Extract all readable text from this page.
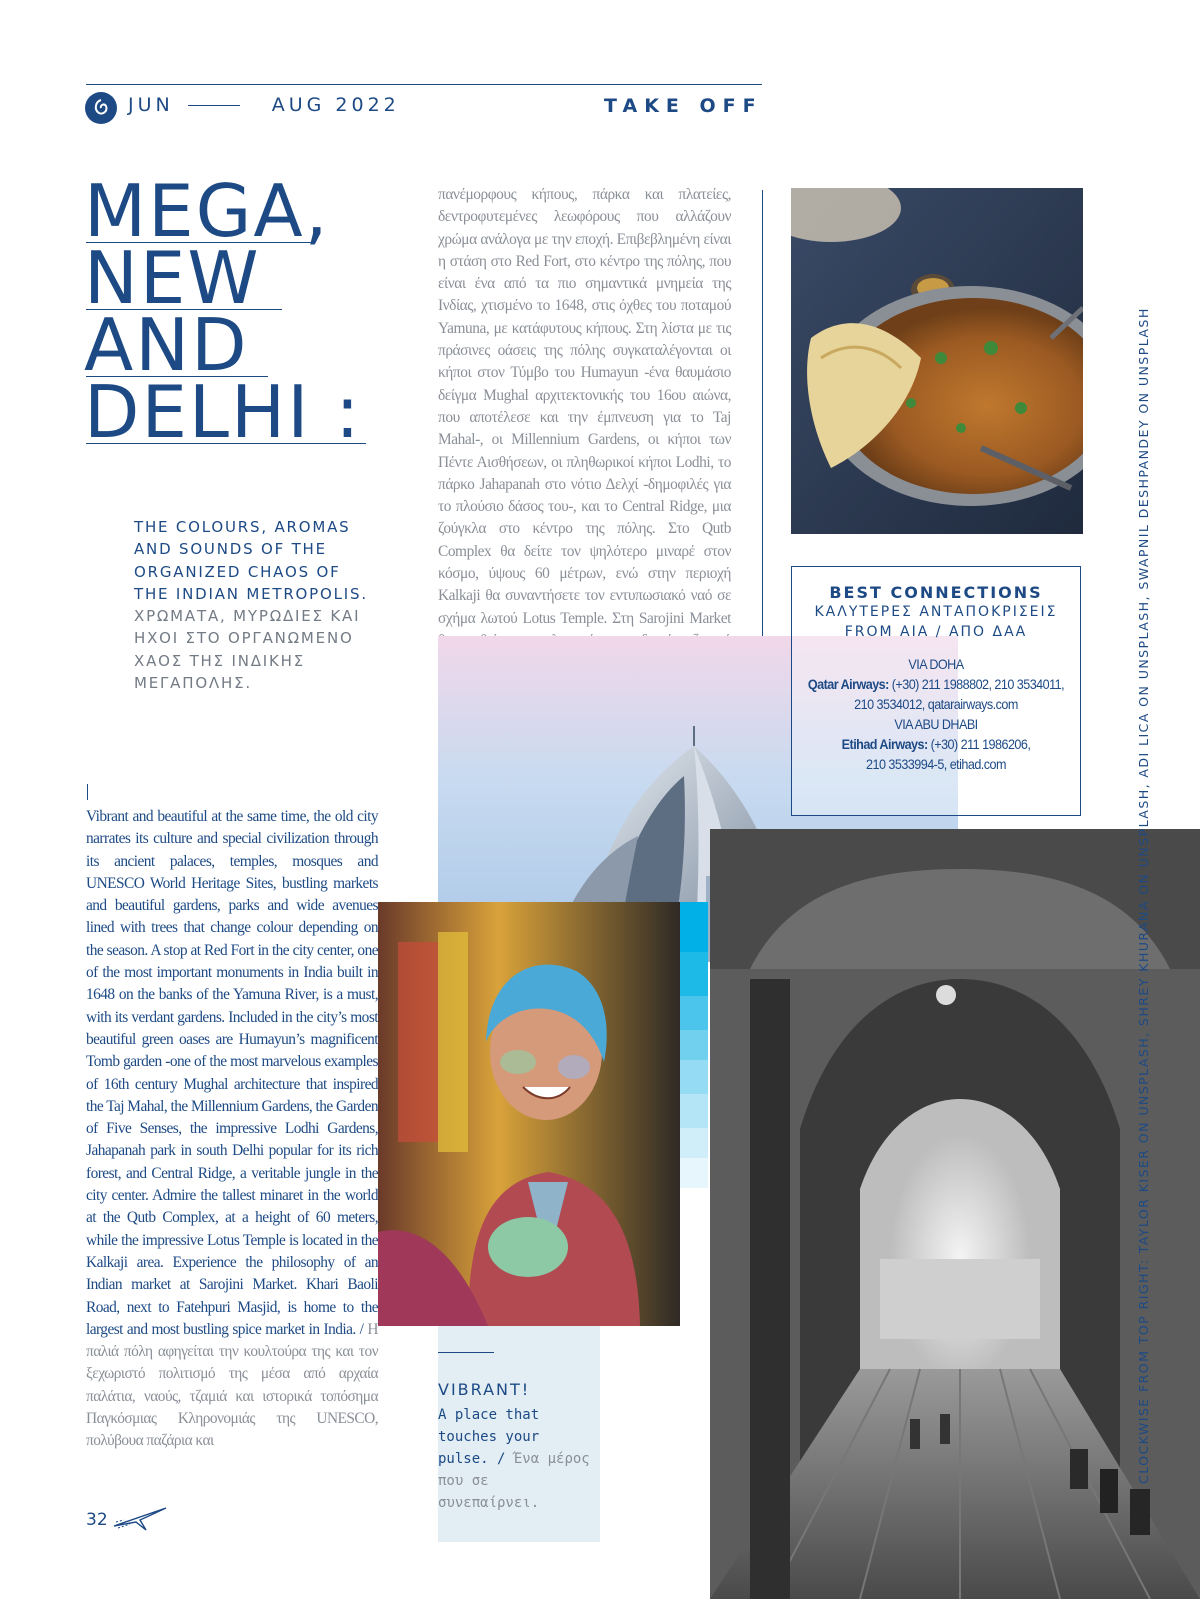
JUN	AUG 2022	TAKE OFF
MEGA,
NEW
AND
DELHI :
THE COLOURS, AROMAS AND SOUNDS OF THE ORGANIZED CHAOS OF THE INDIAN METROPOLIS.
ΧΡΩΜΑΤΑ, ΜΥΡΩΔΙΕΣ ΚΑΙ ΗΧΟΙ ΣΤΟ ΟΡΓΑΝΩΜΕΝΟ ΧΑΟΣ ΤΗΣ ΙΝΔΙΚΗΣ ΜΕΓΑΠΟΛΗΣ.
Vibrant and beautiful at the same time, the old city narrates its culture and special civilization through its ancient palaces, temples, mosques and UNESCO World Heritage Sites, bustling markets and beautiful gardens, parks and wide avenues lined with trees that change colour depending on the season. A stop at Red Fort in the city center, one of the most important monuments in India built in 1648 on the banks of the Yamuna River, is a must, with its verdant gardens. Included in the city’s most beautiful green oases are Humayun’s magnificent Tomb garden -one of the most marvelous examples of 16th century Mughal architecture that inspired the Taj Mahal, the Millennium Gardens, the Garden of Five Senses, the impressive Lodhi Gardens, Jahapanah park in south Delhi popular for its rich forest, and Central Ridge, a veritable jungle in the city center. Admire the tallest minaret in the world at the Qutb Complex, at a height of 60 meters, while the impressive Lotus Temple is located in the Kalkaji area. Experience the philosophy of an Indian market at Sarojini Market. Khari Baoli Road, next to Fatehpuri Masjid, is home to the largest and most bustling spice market in India. / Η παλιά πόλη αφηγείται την κουλτούρα της και τον ξεχωριστό πολιτισμό της μέσα από αρχαία παλάτια, ναούς, τζαμιά και ιστορικά τοπόσημα Παγκόσμιας Κληρονομιάς της UNESCO, πολύβουα παζάρια και
πανέμορφους κήπους, πάρκα και πλατείες, δεντροφυτεμένες λεωφόρους που αλλάζουν χρώμα ανάλογα με την εποχή. Επιβεβλημένη είναι η στάση στο Red Fort, στο κέντρο της πόλης, που είναι ένα από τα πιο σημαντικά μνημεία της Ινδίας, χτισμένο το 1648, στις όχθες του ποταμού Yamuna, με κατάφυτους κήπους. Στη λίστα με τις πράσινες οάσεις της πόλης συγκαταλέγονται οι κήποι στον Τύμβο του Humayun -ένα θαυμάσιο δείγμα Mughal αρχιτεκτονικής του 16ου αιώνα, που αποτέλεσε και την έμπνευση για το Taj Mahal-, οι Millennium Gardens, οι κήποι των Πέντε Αισθήσεων, οι πληθωρικοί κήποι Lodhi, το πάρκο Jahapanah στο νότιο Δελχί -δημοφιλές για το πλούσιο δάσος του-, και το Central Ridge, μια ζούγκλα στο κέντρο της πόλης. Στο Qutb Complex θα δείτε τον ψηλότερο μιναρέ στον κόσμο, ύψους 60 μέτρων, ενώ στην περιοχή Kalkaji θα συναντήσετε τον εντυπωσιακό ναό σε σχήμα λωτού Lotus Temple. Στη Sarojini Market
BEST CONNECTIONS
ΚΑΛΥΤΕΡΕΣ ΑΝΤΑΠΟΚΡΙΣΕΙΣ
FROM AIA / ΑΠΟ ΔΑΑ
VIA DOHA
Qatar Airways: (+30) 211 1988802, 210 3534011,
210 3534012, qatarairways.com
VIA ABU DHABI
Etihad Airways: (+30) 211 1986206,
210 3533994-5, etihad.com
VIBRANT!
A place that touches your pulse. / Ένα μέρος που σε συνεπαίρνει.
CLOCKWISE FROM TOP RIGHT: TAYLOR KISER ON UNSPLASH, SHREY KHURANA ON UNSPLASH, ADI LICA ON UNSPLASH, SWAPNIL DESHPANDEY ON UNSPLASH
32
